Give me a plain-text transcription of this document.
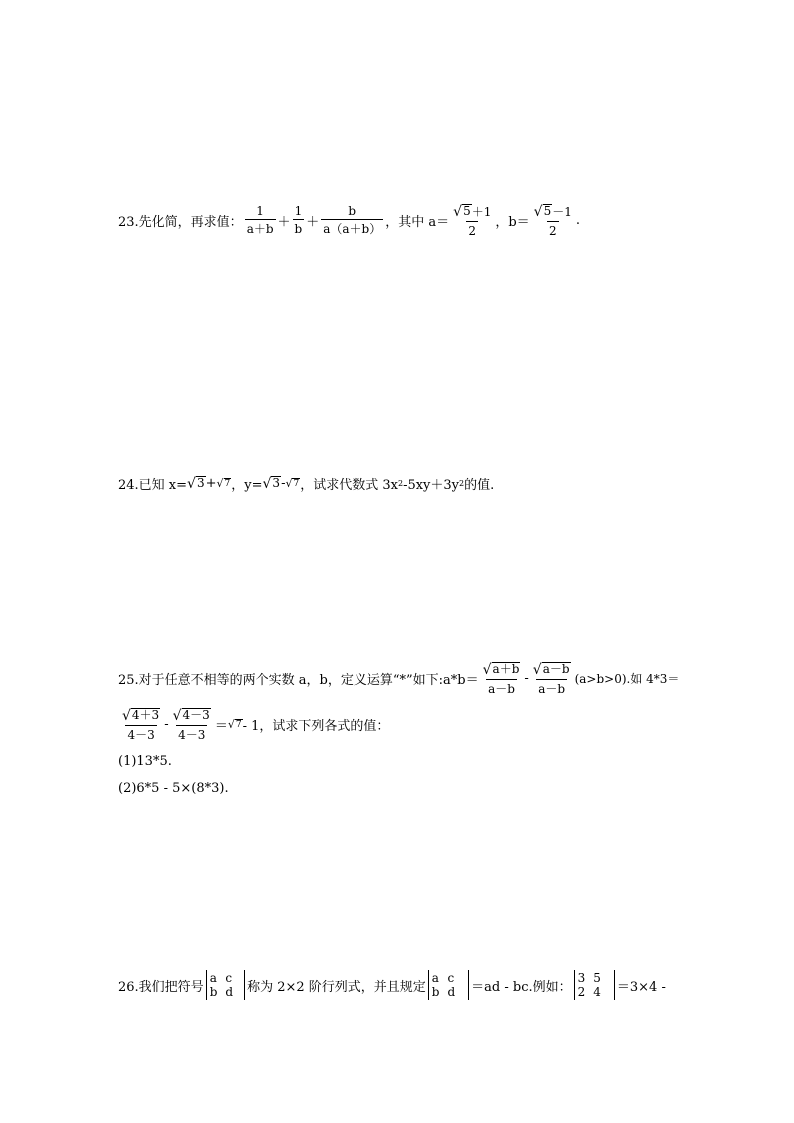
23.先化简，再求值： $\frac{1}{a+b} + \frac{1}{b} + \frac{b}{a(a+b)}$ ，其中 $a= \frac{√ 5 +1}{2}$ ，$b= \frac{√ 5 -1}{2}$ .
24.已知 x= √ 3 + √ 7 ，y= √ 3 - √ 7 ，试求代数式 3x 2 -5xy＋3y 2 的值.
25.对于任意不相等的两个实数 a，b，定义运算“*”如下:a*b＝ $\frac{√ a+b}{a-b} - \frac{√ a-b}{a-b} (a>b>0)$.如 4*3＝
$\frac{√ 4+3}{4-3} - \frac{√ 4-3}{4-3}$ ＝ √ 7 - 1，试求下列各式的值：
(1)13*5.
(2)6*5 - 5×(8*3).
26.我们把符号
a c
b d 称为 2×2 阶行列式，并且规定
a c
b d ＝ad - bc.例如：
3 5
2 4 ＝3×4 -
